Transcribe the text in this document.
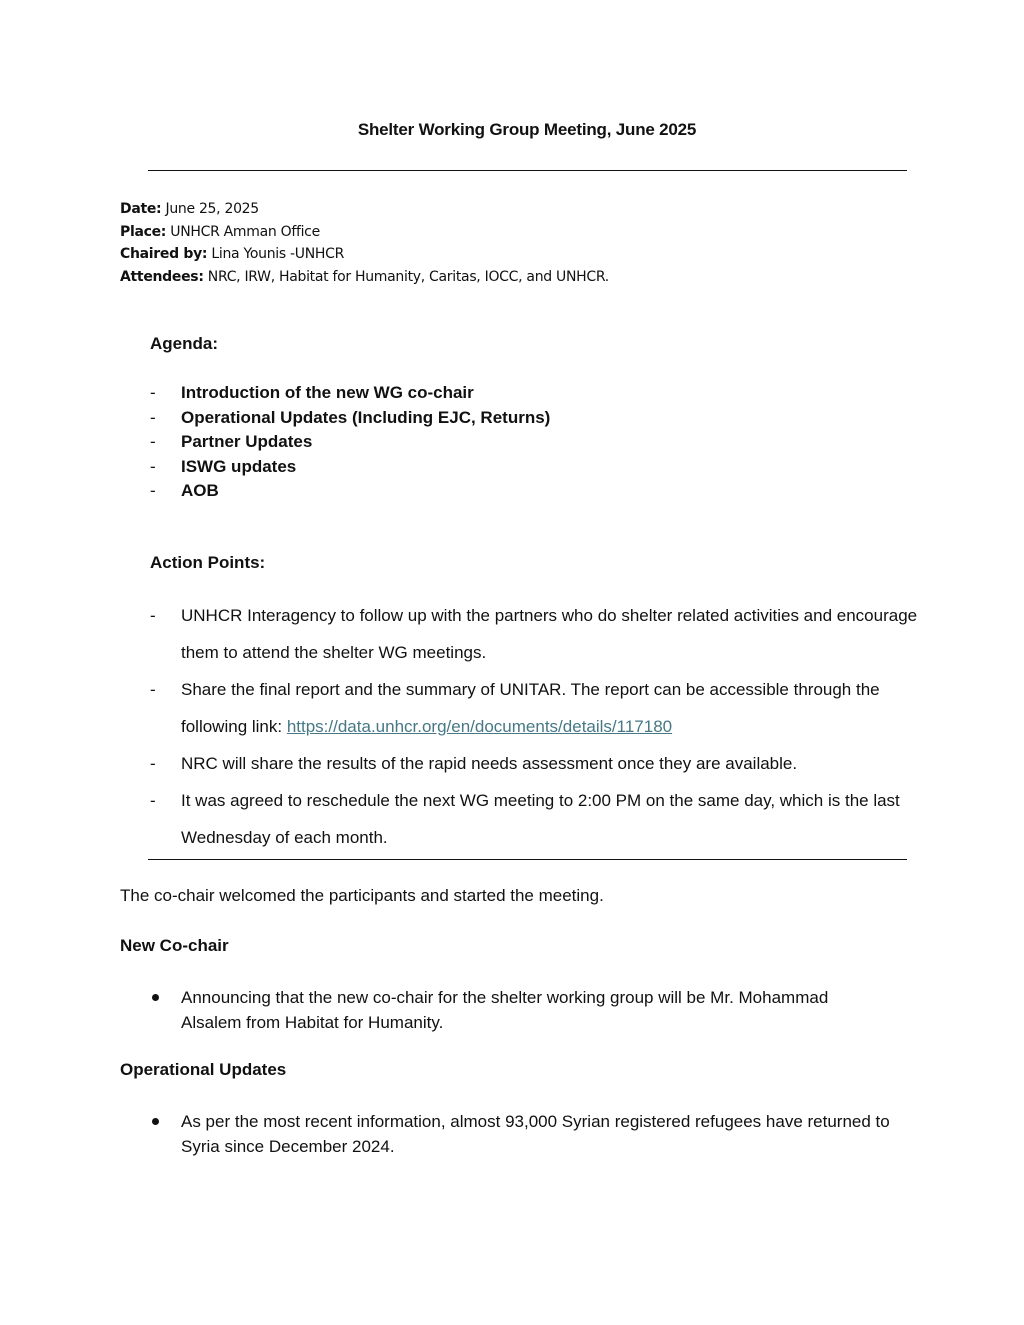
Shelter Working Group Meeting, June 2025
Date: June 25, 2025
Place: UNHCR Amman Office
Chaired by: Lina Younis -UNHCR
Attendees: NRC, IRW, Habitat for Humanity, Caritas, IOCC, and UNHCR.
Agenda:
- Introduction of the new WG co-chair
- Operational Updates (Including EJC, Returns)
- Partner Updates
- ISWG updates
- AOB
Action Points:
- UNHCR Interagency to follow up with the partners who do shelter related activities and encourage them to attend the shelter WG meetings.
- Share the final report and the summary of UNITAR. The report can be accessible through the following link: https://data.unhcr.org/en/documents/details/117180
- NRC will share the results of the rapid needs assessment once they are available.
- It was agreed to reschedule the next WG meeting to 2:00 PM on the same day, which is the last Wednesday of each month.
The co-chair welcomed the participants and started the meeting.
New Co-chair
Announcing that the new co-chair for the shelter working group will be Mr. Mohammad Alsalem from Habitat for Humanity.
Operational Updates
As per the most recent information, almost 93,000 Syrian registered refugees have returned to Syria since December 2024.
